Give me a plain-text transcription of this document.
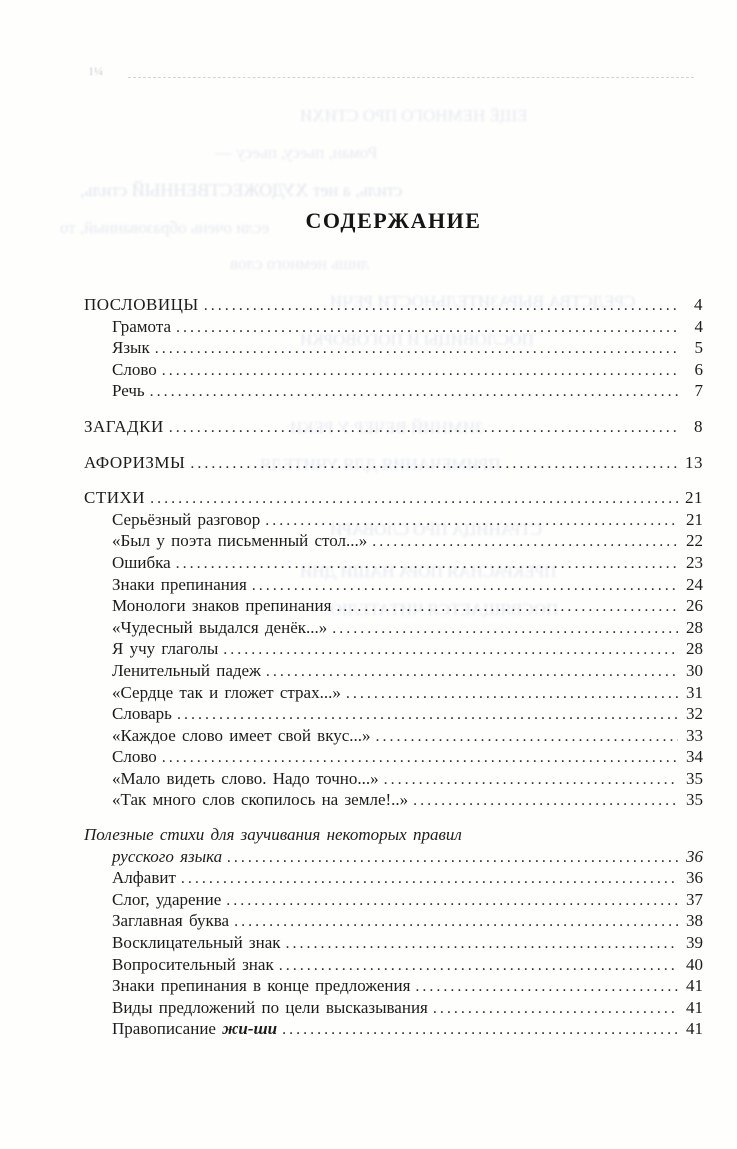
1¼
ЕЩЁ НЕМНОГО ПРО СТИХИ
Роман, пьесу, пьесу —
стиль, а нет ХУДОЖЕСТВЕННЫЙ стиль,
если очень образованный, то
лишь немного слов
СРЕДСТВА ВЫРАЗИТЕЛЬНОСТИ РЕЧИ
ПОСЛОВИЦЫ И ПОГОВОРКИ
ЗИМНИЙ ВЕЧЕР У РЕКИ
ПРИМЕЧАНИЯ ДЛЯ УЧИТЕЛЯ
СТРАНИЦА ПРО СЛОВАРИ
ПРЕКРАСНАЯ ПОРА НАШИ ДНИ
ПОСВЯЩАЕТСЯ ЧИТАТЕЛЮ
СОДЕРЖАНИЕ
ПОСЛОВИЦЫ .....	4
Грамота .....	4
Язык .....	5
Слово .....	6
Речь .....	7
ЗАГАДКИ .....	8
АФОРИЗМЫ .....	13
СТИХИ .....	21
Серьёзный разговор .....	21
«Был у поэта письменный стол...» .....	22
Ошибка .....	23
Знаки препинания .....	24
Монологи знаков препинания .....	26
«Чудесный выдался денёк...» .....	28
Я учу глаголы .....	28
Ленительный падеж .....	30
«Сердце так и гложет страх...» .....	31
Словарь .....	32
«Каждое слово имеет свой вкус...» .....	33
Слово .....	34
«Мало видеть слово. Надо точно...» .....	35
«Так много слов скопилось на земле!..» .....	35
Полезные стихи для заучивания некоторых правил
русского языка .....	36
Алфавит .....	36
Слог, ударение .....	37
Заглавная буква .....	38
Восклицательный знак .....	39
Вопросительный знак .....	40
Знаки препинания в конце предложения .....	41
Виды предложений по цели высказывания .....	41
Правописание жи-ши .....	41
